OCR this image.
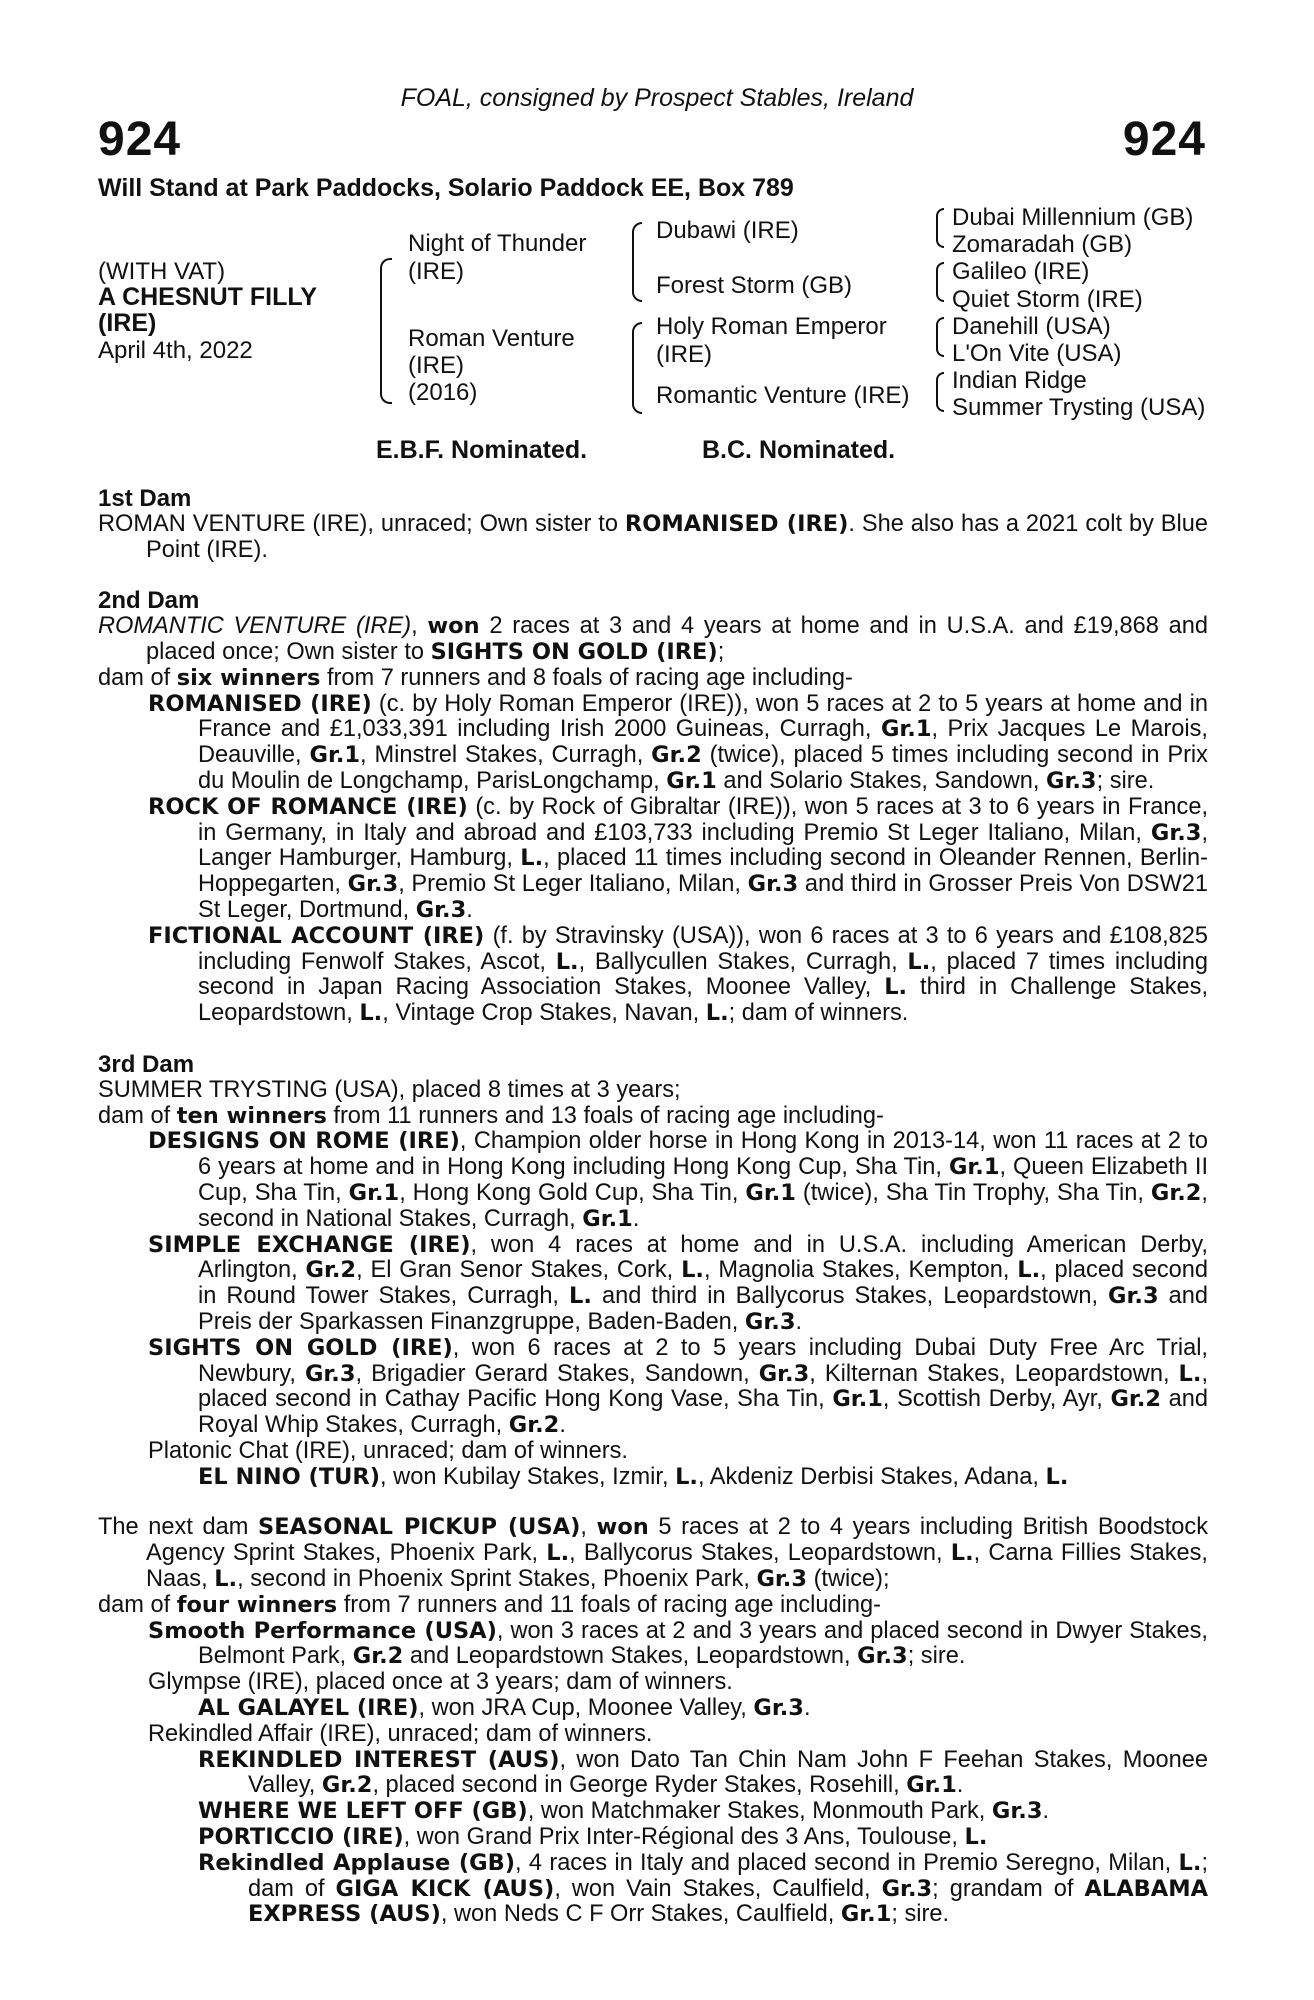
FOAL, consigned by Prospect Stables, Ireland
924	924
Will Stand at Park Paddocks, Solario Paddock EE, Box 789
(WITH VAT)
A CHESNUT FILLY
(IRE)
April 4th, 2022
Night of Thunder
(IRE)
Roman Venture
(IRE)
(2016)
Dubawi (IRE)
Forest Storm (GB)
Holy Roman Emperor
(IRE)
Romantic Venture (IRE)
Dubai Millennium (GB)
Zomaradah (GB)
Galileo (IRE)
Quiet Storm (IRE)
Danehill (USA)
L'On Vite (USA)
Indian Ridge
Summer Trysting (USA)
E.B.F. Nominated.	B.C. Nominated.
1st Dam

ROMAN VENTURE (IRE), unraced; Own sister to ROMANISED (IRE). She also has a 2021 colt by Blue Point (IRE).

2nd Dam

ROMANTIC VENTURE (IRE), won 2 races at 3 and 4 years at home and in U.S.A. and £19,868 and placed once; Own sister to SIGHTS ON GOLD (IRE);

dam of six winners from 7 runners and 8 foals of racing age including-

ROMANISED (IRE) (c. by Holy Roman Emperor (IRE)), won 5 races at 2 to 5 years at home and in France and £1,033,391 including Irish 2000 Guineas, Curragh, Gr.1, Prix Jacques Le Marois, Deauville, Gr.1, Minstrel Stakes, Curragh, Gr.2 (twice), placed 5 times including second in Prix du Moulin de Longchamp, ParisLongchamp, Gr.1 and Solario Stakes, Sandown, Gr.3; sire.

ROCK OF ROMANCE (IRE) (c. by Rock of Gibraltar (IRE)), won 5 races at 3 to 6 years in France, in Germany, in Italy and abroad and £103,733 including Premio St Leger Italiano, Milan, Gr.3, Langer Hamburger, Hamburg, L., placed 11 times including second in Oleander Rennen, Berlin-Hoppegarten, Gr.3, Premio St Leger Italiano, Milan, Gr.3 and third in Grosser Preis Von DSW21 St Leger, Dortmund, Gr.3.

FICTIONAL ACCOUNT (IRE) (f. by Stravinsky (USA)), won 6 races at 3 to 6 years and £108,825 including Fenwolf Stakes, Ascot, L., Ballycullen Stakes, Curragh, L., placed 7 times including second in Japan Racing Association Stakes, Moonee Valley, L. third in Challenge Stakes, Leopardstown, L., Vintage Crop Stakes, Navan, L.; dam of winners.

3rd Dam

SUMMER TRYSTING (USA), placed 8 times at 3 years;

dam of ten winners from 11 runners and 13 foals of racing age including-

DESIGNS ON ROME (IRE), Champion older horse in Hong Kong in 2013-14, won 11 races at 2 to 6 years at home and in Hong Kong including Hong Kong Cup, Sha Tin, Gr.1, Queen Elizabeth II Cup, Sha Tin, Gr.1, Hong Kong Gold Cup, Sha Tin, Gr.1 (twice), Sha Tin Trophy, Sha Tin, Gr.2, second in National Stakes, Curragh, Gr.1.

SIMPLE EXCHANGE (IRE), won 4 races at home and in U.S.A. including American Derby, Arlington, Gr.2, El Gran Senor Stakes, Cork, L., Magnolia Stakes, Kempton, L., placed second in Round Tower Stakes, Curragh, L. and third in Ballycorus Stakes, Leopardstown, Gr.3 and Preis der Sparkassen Finanzgruppe, Baden-Baden, Gr.3.

SIGHTS ON GOLD (IRE), won 6 races at 2 to 5 years including Dubai Duty Free Arc Trial, Newbury, Gr.3, Brigadier Gerard Stakes, Sandown, Gr.3, Kilternan Stakes, Leopardstown, L., placed second in Cathay Pacific Hong Kong Vase, Sha Tin, Gr.1, Scottish Derby, Ayr, Gr.2 and Royal Whip Stakes, Curragh, Gr.2.

Platonic Chat (IRE), unraced; dam of winners.

EL NINO (TUR), won Kubilay Stakes, Izmir, L., Akdeniz Derbisi Stakes, Adana, L.

The next dam SEASONAL PICKUP (USA), won 5 races at 2 to 4 years including British Boodstock Agency Sprint Stakes, Phoenix Park, L., Ballycorus Stakes, Leopardstown, L., Carna Fillies Stakes, Naas, L., second in Phoenix Sprint Stakes, Phoenix Park, Gr.3 (twice);

dam of four winners from 7 runners and 11 foals of racing age including-

Smooth Performance (USA), won 3 races at 2 and 3 years and placed second in Dwyer Stakes, Belmont Park, Gr.2 and Leopardstown Stakes, Leopardstown, Gr.3; sire.

Glympse (IRE), placed once at 3 years; dam of winners.

AL GALAYEL (IRE), won JRA Cup, Moonee Valley, Gr.3.

Rekindled Affair (IRE), unraced; dam of winners.

REKINDLED INTEREST (AUS), won Dato Tan Chin Nam John F Feehan Stakes, Moonee Valley, Gr.2, placed second in George Ryder Stakes, Rosehill, Gr.1.

WHERE WE LEFT OFF (GB), won Matchmaker Stakes, Monmouth Park, Gr.3.

PORTICCIO (IRE), won Grand Prix Inter-Régional des 3 Ans, Toulouse, L.

Rekindled Applause (GB), 4 races in Italy and placed second in Premio Seregno, Milan, L.; dam of GIGA KICK (AUS), won Vain Stakes, Caulfield, Gr.3; grandam of ALABAMA EXPRESS (AUS), won Neds C F Orr Stakes, Caulfield, Gr.1; sire.
